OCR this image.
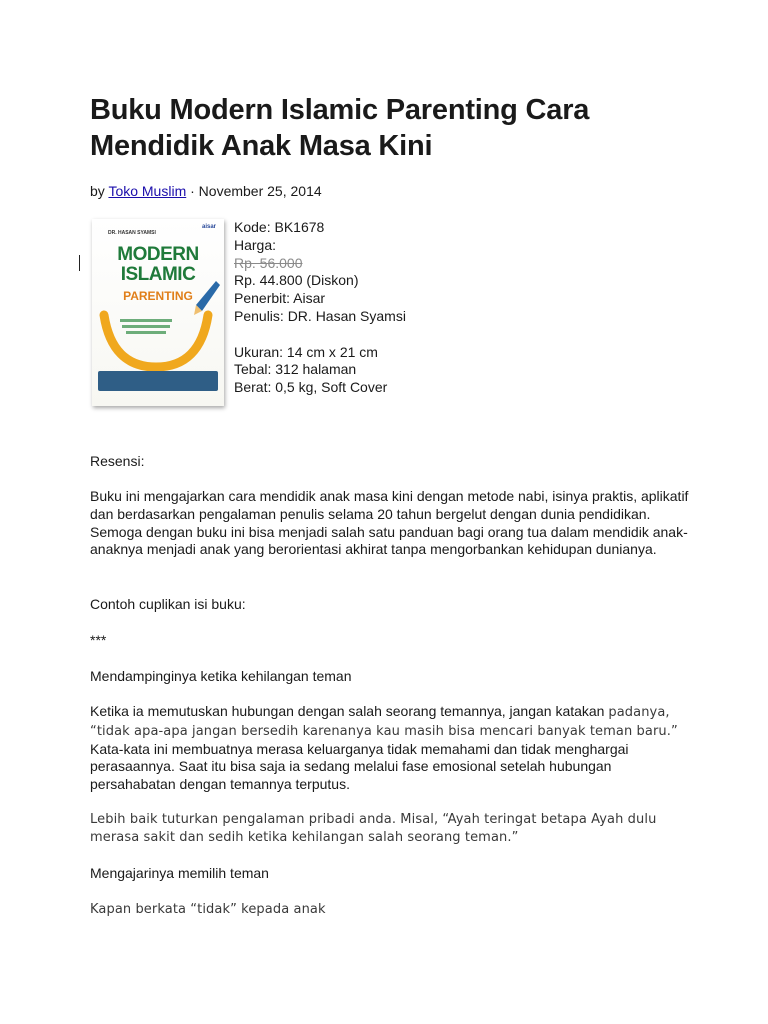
Buku Modern Islamic Parenting Cara Mendidik Anak Masa Kini
by Toko Muslim · November 25, 2014
DR. HASAN SYAMSI
aisar
MODERN
ISLAMIC
PARENTING
Kode: BK1678
Harga:
Rp. 56.000
Rp. 44.800 (Diskon)
Penerbit: Aisar
Penulis: DR. Hasan Syamsi
Ukuran: 14 cm x 21 cm
Tebal: 312 halaman
Berat: 0,5 kg, Soft Cover
Resensi:
Buku ini mengajarkan cara mendidik anak masa kini dengan metode nabi, isinya praktis, aplikatif dan berdasarkan pengalaman penulis selama 20 tahun bergelut dengan dunia pendidikan. Semoga dengan buku ini bisa menjadi salah satu panduan bagi orang tua dalam mendidik anak-anaknya menjadi anak yang berorientasi akhirat tanpa mengorbankan kehidupan dunianya.
Contoh cuplikan isi buku:
***
Mendampinginya ketika kehilangan teman
Ketika ia memutuskan hubungan dengan salah seorang temannya, jangan katakan padanya, “tidak apa-apa jangan bersedih karenanya kau masih bisa mencari banyak teman baru.” Kata-kata ini membuatnya merasa keluarganya tidak memahami dan tidak menghargai perasaannya. Saat itu bisa saja ia sedang melalui fase emosional setelah hubungan persahabatan dengan temannya terputus.
Lebih baik tuturkan pengalaman pribadi anda. Misal, “Ayah teringat betapa Ayah dulu merasa sakit dan sedih ketika kehilangan salah seorang teman.”
Mengajarinya memilih teman
Kapan berkata “tidak” kepada anak
